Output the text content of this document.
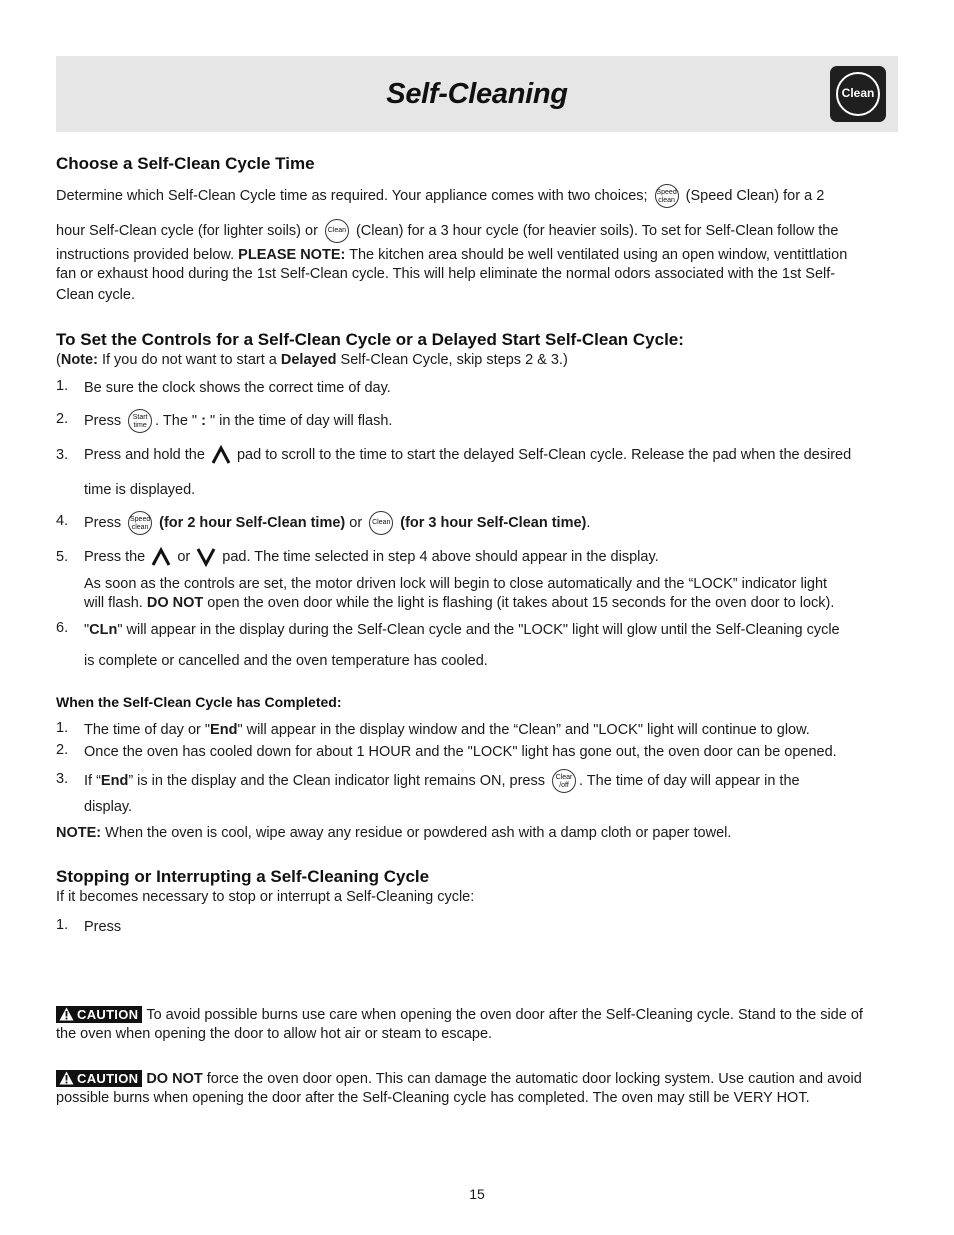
Self-Cleaning	Clean
Choose a Self-Clean Cycle Time
Determine which Self-Clean Cycle time as required. Your appliance comes with two choices; Speed
clean (Speed Clean) for a 2
hour Self-Clean cycle (for lighter soils) or Clean (Clean) for a 3 hour cycle (for heavier soils). To set for Self-Clean follow the
instructions provided below. PLEASE NOTE: The kitchen area should be well ventilated using an open window, ventittlation
fan or exhaust hood during the 1st Self-Clean cycle. This will help eliminate the normal odors associated with the 1st Self-
Clean cycle.
To Set the Controls for a Self-Clean Cycle or a Delayed Start Self-Clean Cycle:
(Note: If you do not want to start a Delayed Self-Clean Cycle, skip steps 2 & 3.)
1. Be sure the clock shows the correct time of day.
2. Press Start
time . The " : " in the time of day will flash.
3. Press and hold the pad to scroll to the time to start the delayed Self-Clean cycle. Release the pad when the desired
time is displayed.
4. Press Speed
clean (for 2 hour Self-Clean time) or Clean (for 3 hour Self-Clean time).
5. Press the or pad. The time selected in step 4 above should appear in the display.
As soon as the controls are set, the motor driven lock will begin to close automatically and the “LOCK” indicator light
will flash. DO NOT open the oven door while the light is flashing (it takes about 15 seconds for the oven door to lock).
6. "CLn" will appear in the display during the Self-Clean cycle and the "LOCK" light will glow until the Self-Cleaning cycle
is complete or cancelled and the oven temperature has cooled.
When the Self-Clean Cycle has Completed:
1. The time of day or "End" will appear in the display window and the “Clean” and "LOCK" light will continue to glow.
2. Once the oven has cooled down for about 1 HOUR and the "LOCK" light has gone out, the oven door can be opened.
3. If “End” is in the display and the Clean indicator light remains ON, press Clear
/off . The time of day will appear in the
display.
NOTE: When the oven is cool, wipe away any residue or powdered ash with a damp cloth or paper towel.
Stopping or Interrupting a Self-Cleaning Cycle
If it becomes necessary to stop or interrupt a Self-Cleaning cycle:
1. Press
CAUTION To avoid possible burns use care when opening the oven door after the Self-Cleaning cycle. Stand to the side of
the oven when opening the door to allow hot air or steam to escape.
CAUTION DO NOT force the oven door open. This can damage the automatic door locking system. Use caution and avoid
possible burns when opening the door after the Self-Cleaning cycle has completed. The oven may still be VERY HOT.
15
